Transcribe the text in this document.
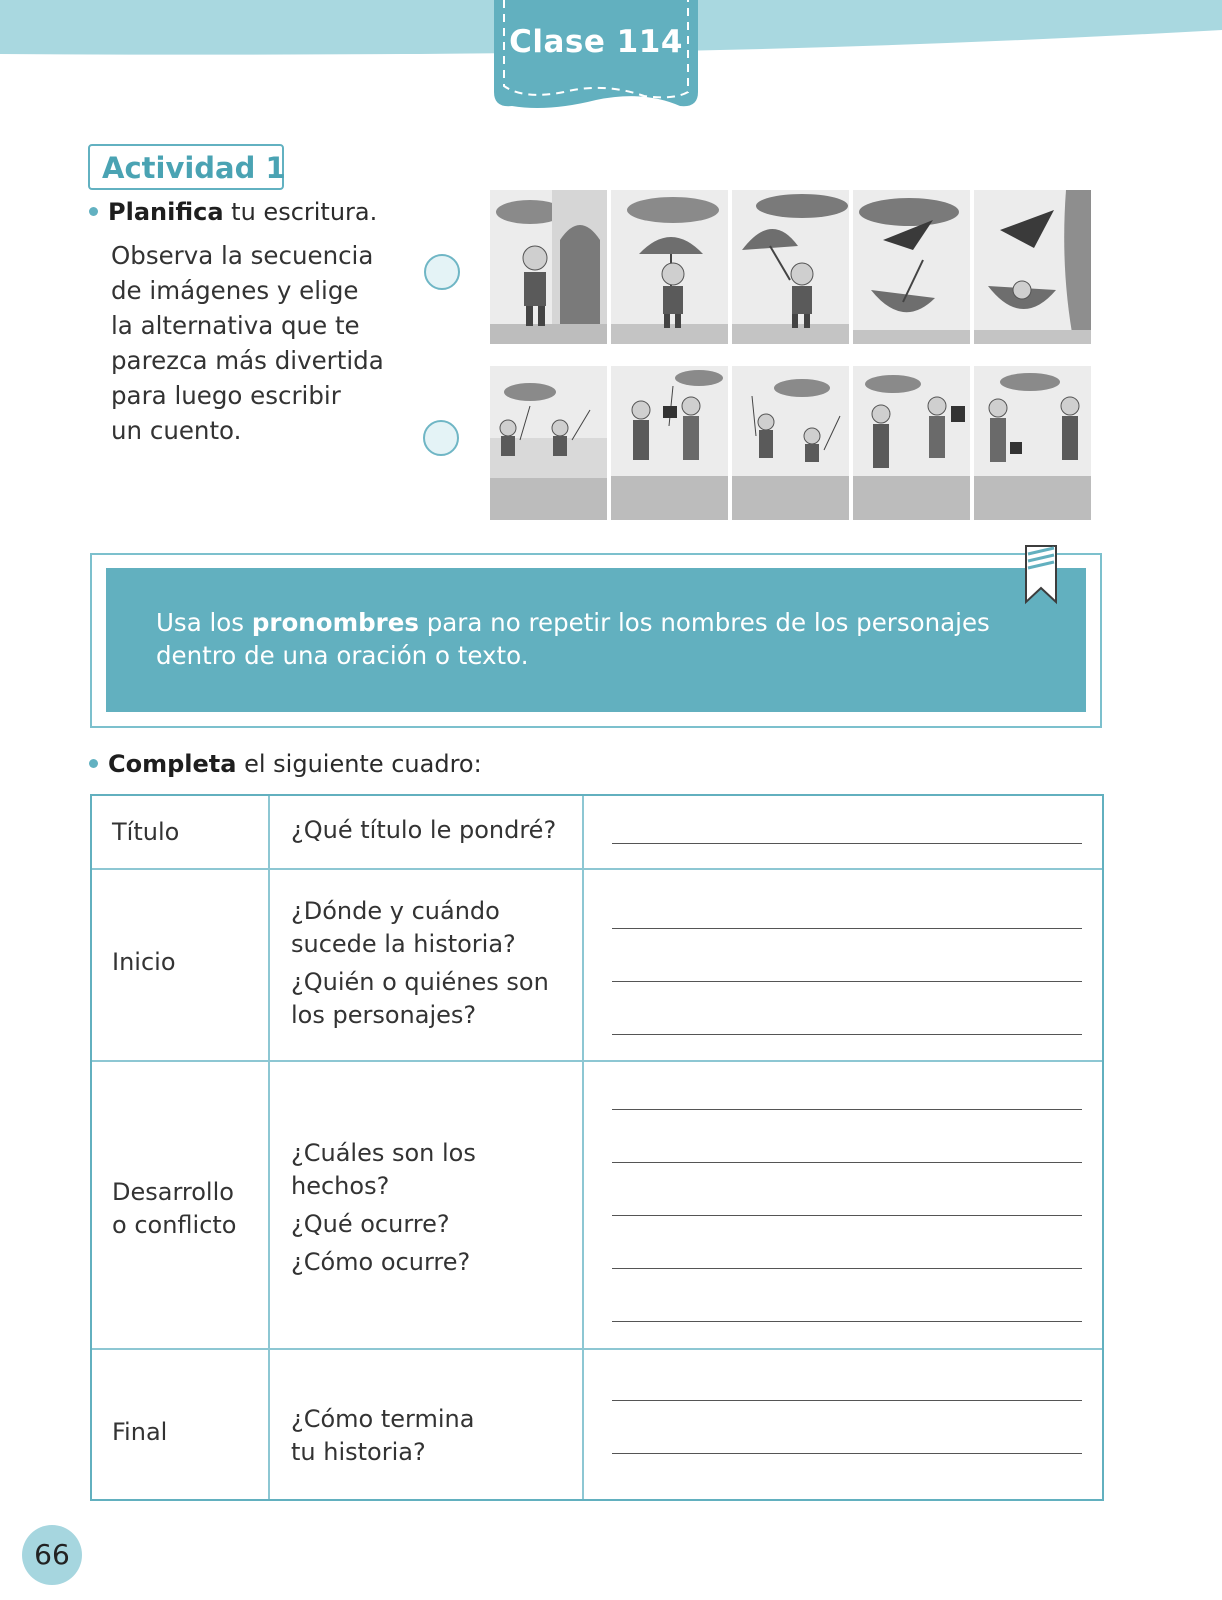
Clase 114
Actividad 1
Planifica tu escritura.
Observa la secuencia
de imágenes y elige
la alternativa que te
parezca más divertida
para luego escribir
un cuento.
Usa los pronombres para no repetir los nombres de los personajes
dentro de una oración o texto.
Completa el siguiente cuadro:
Título	¿Qué título le pondré?
Inicio
¿Dónde y cuándo
sucede la historia?
¿Quién o quiénes son
los personajes?
Desarrollo
o conflicto
¿Cuáles son los
hechos?
¿Qué ocurre?
¿Cómo ocurre?
Final	¿Cómo termina
tu historia?
66
